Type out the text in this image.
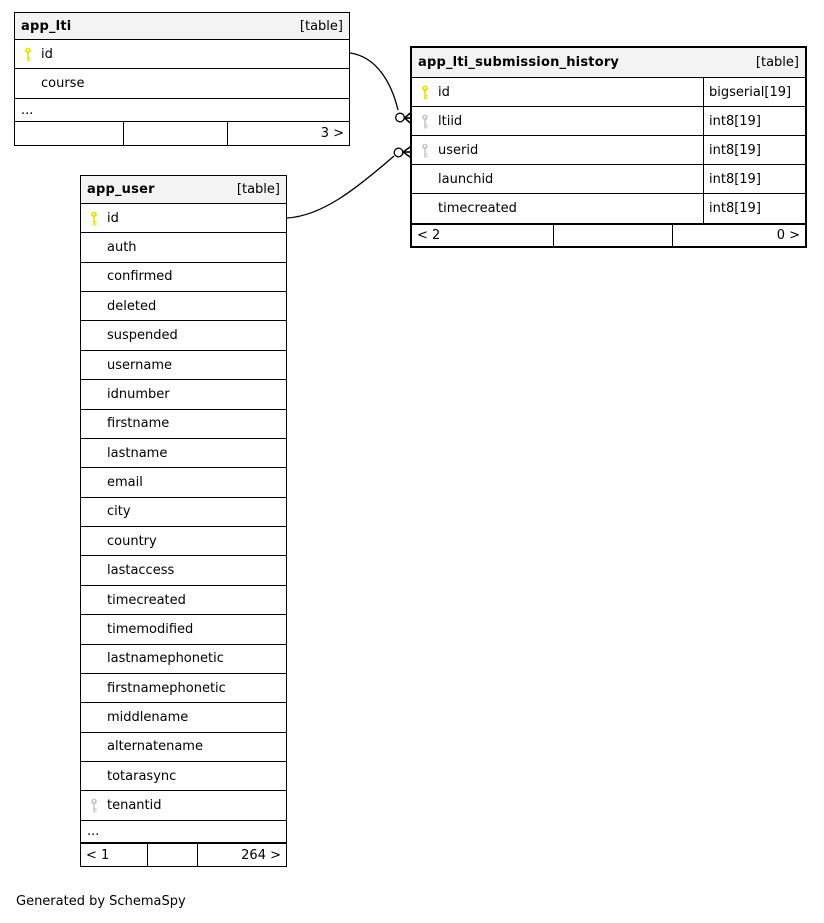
app_lti	[table]
id
course
...
3 >
app_lti_submission_history	[table]
id	bigserial[19]
ltiid	int8[19]
userid	int8[19]
launchid	int8[19]
timecreated	int8[19]
< 2	0 >
app_user	[table]
id
auth
confirmed
deleted
suspended
username
idnumber
firstname
lastname
email
city
country
lastaccess
timecreated
timemodified
lastnamephonetic
firstnamephonetic
middlename
alternatename
totarasync
tenantid
...
< 1	264 >
Generated by SchemaSpy
